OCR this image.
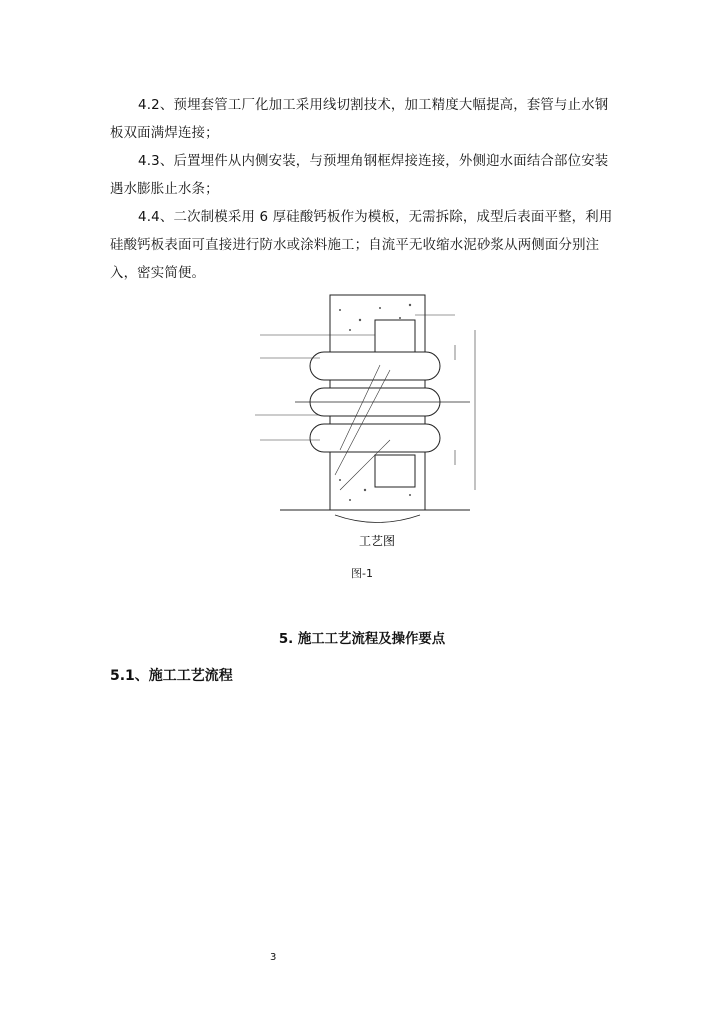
4.2、预埋套管工厂化加工采用线切割技术，加工精度大幅提高，套管与止水钢板双面满焊连接；

4.3、后置埋件从内侧安装，与预埋角钢框焊接连接，外侧迎水面结合部位安装遇水膨胀止水条；

4.4、二次制模采用 6 厚硅酸钙板作为模板，无需拆除，成型后表面平整，利用硅酸钙板表面可直接进行防水或涂料施工；自流平无收缩水泥砂浆从两侧面分别注入，密实简便。

工艺图
图-1
5. 施工工艺流程及操作要点
5.1、施工工艺流程
3
